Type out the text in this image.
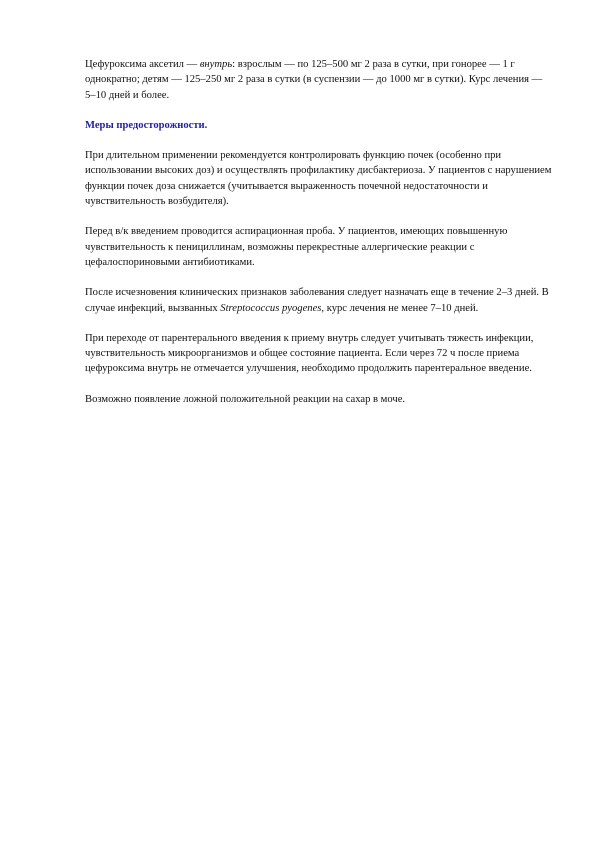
Цефуроксима аксетил — внутрь: взрослым — по 125–500 мг 2 раза в сутки, при гонорее — 1 г однократно; детям — 125–250 мг 2 раза в сутки (в суспензии — до 1000 мг в сутки). Курс лечения — 5–10 дней и более.

Меры предосторожности.

При длительном применении рекомендуется контролировать функцию почек (особенно при использовании высоких доз) и осуществлять профилактику дисбактериоза. У пациентов с нарушением функции почек доза снижается (учитывается выраженность почечной недостаточности и чувствительность возбудителя).

Перед в/к введением проводится аспирационная проба. У пациентов, имеющих повышенную чувствительность к пенициллинам, возможны перекрестные аллергические реакции с цефалоспориновыми антибиотиками.

После исчезновения клинических признаков заболевания следует назначать еще в течение 2–3 дней. В случае инфекций, вызванных Streptococcus pyogenes, курс лечения не менее 7–10 дней.

При переходе от парентерального введения к приему внутрь следует учитывать тяжесть инфекции, чувствительность микроорганизмов и общее состояние пациента. Если через 72 ч после приема цефуроксима внутрь не отмечается улучшения, необходимо продолжить парентеральное введение.

Возможно появление ложной положительной реакции на сахар в моче.
